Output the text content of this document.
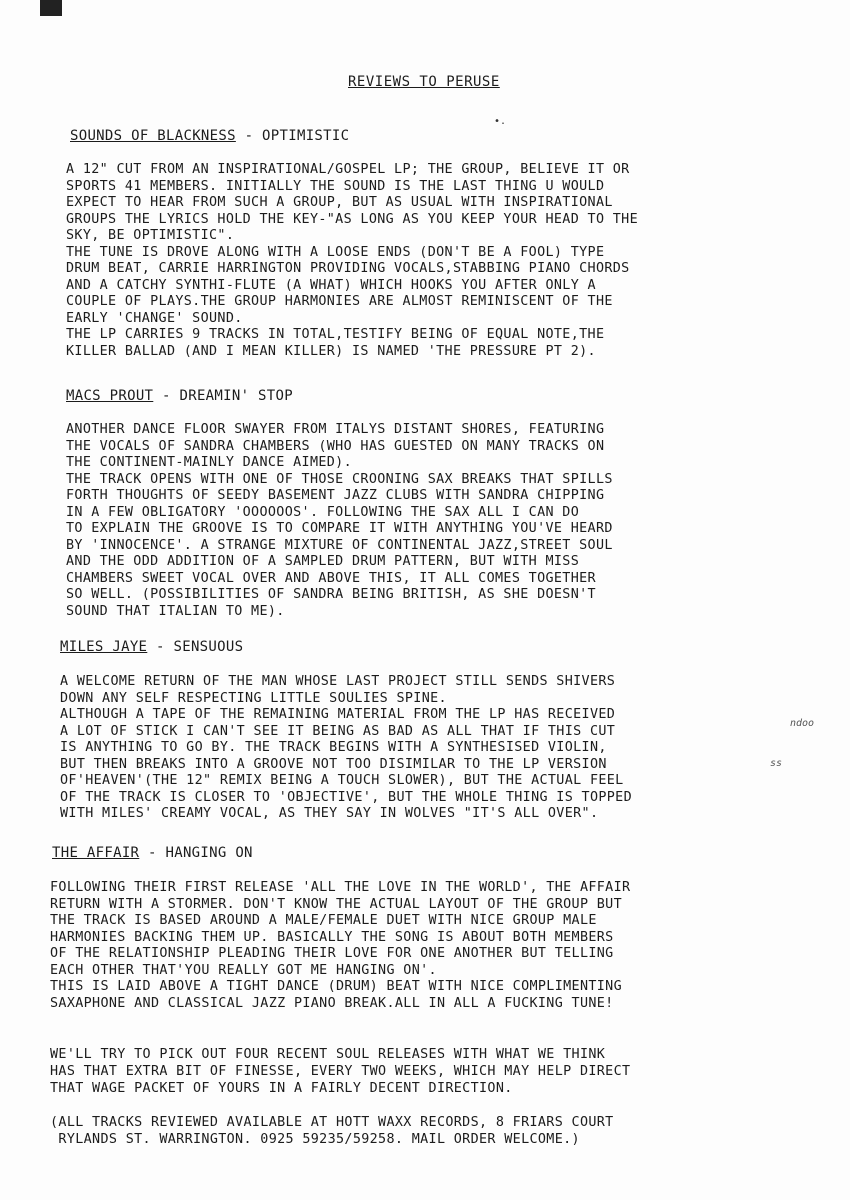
REVIEWS TO PERUSE
•.
SOUNDS OF BLACKNESS - OPTIMISTIC
A 12" CUT FROM AN INSPIRATIONAL/GOSPEL LP; THE GROUP, BELIEVE IT OR
SPORTS 41 MEMBERS. INITIALLY THE SOUND IS THE LAST THING U WOULD
EXPECT TO HEAR FROM SUCH A GROUP, BUT AS USUAL WITH INSPIRATIONAL
GROUPS THE LYRICS HOLD THE KEY-"AS LONG AS YOU KEEP YOUR HEAD TO THE
SKY, BE OPTIMISTIC".
THE TUNE IS DROVE ALONG WITH A LOOSE ENDS (DON'T BE A FOOL) TYPE
DRUM BEAT, CARRIE HARRINGTON PROVIDING VOCALS,STABBING PIANO CHORDS
AND A CATCHY SYNTHI-FLUTE (A WHAT) WHICH HOOKS YOU AFTER ONLY A
COUPLE OF PLAYS.THE GROUP HARMONIES ARE ALMOST REMINISCENT OF THE
EARLY 'CHANGE' SOUND.
THE LP CARRIES 9 TRACKS IN TOTAL,TESTIFY BEING OF EQUAL NOTE,THE
KILLER BALLAD (AND I MEAN KILLER) IS NAMED 'THE PRESSURE PT 2).
MACS PROUT - DREAMIN' STOP
ANOTHER DANCE FLOOR SWAYER FROM ITALYS DISTANT SHORES, FEATURING
THE VOCALS OF SANDRA CHAMBERS (WHO HAS GUESTED ON MANY TRACKS ON
THE CONTINENT-MAINLY DANCE AIMED).
THE TRACK OPENS WITH ONE OF THOSE CROONING SAX BREAKS THAT SPILLS
FORTH THOUGHTS OF SEEDY BASEMENT JAZZ CLUBS WITH SANDRA CHIPPING
IN A FEW OBLIGATORY 'OOOOOOS'. FOLLOWING THE SAX ALL I CAN DO
TO EXPLAIN THE GROOVE IS TO COMPARE IT WITH ANYTHING YOU'VE HEARD
BY 'INNOCENCE'. A STRANGE MIXTURE OF CONTINENTAL JAZZ,STREET SOUL
AND THE ODD ADDITION OF A SAMPLED DRUM PATTERN, BUT WITH MISS
CHAMBERS SWEET VOCAL OVER AND ABOVE THIS, IT ALL COMES TOGETHER
SO WELL. (POSSIBILITIES OF SANDRA BEING BRITISH, AS SHE DOESN'T
SOUND THAT ITALIAN TO ME).
MILES JAYE - SENSUOUS
A WELCOME RETURN OF THE MAN WHOSE LAST PROJECT STILL SENDS SHIVERS
DOWN ANY SELF RESPECTING LITTLE SOULIES SPINE.
ALTHOUGH A TAPE OF THE REMAINING MATERIAL FROM THE LP HAS RECEIVED
A LOT OF STICK I CAN'T SEE IT BEING AS BAD AS ALL THAT IF THIS CUT
IS ANYTHING TO GO BY. THE TRACK BEGINS WITH A SYNTHESISED VIOLIN,
BUT THEN BREAKS INTO A GROOVE NOT TOO DISIMILAR TO THE LP VERSION
OF'HEAVEN'(THE 12" REMIX BEING A TOUCH SLOWER), BUT THE ACTUAL FEEL
OF THE TRACK IS CLOSER TO 'OBJECTIVE', BUT THE WHOLE THING IS TOPPED
WITH MILES' CREAMY VOCAL, AS THEY SAY IN WOLVES "IT'S ALL OVER".
ndoo
ss
THE AFFAIR - HANGING ON
FOLLOWING THEIR FIRST RELEASE 'ALL THE LOVE IN THE WORLD', THE AFFAIR
RETURN WITH A STORMER. DON'T KNOW THE ACTUAL LAYOUT OF THE GROUP BUT
THE TRACK IS BASED AROUND A MALE/FEMALE DUET WITH NICE GROUP MALE
HARMONIES BACKING THEM UP. BASICALLY THE SONG IS ABOUT BOTH MEMBERS
OF THE RELATIONSHIP PLEADING THEIR LOVE FOR ONE ANOTHER BUT TELLING
EACH OTHER THAT'YOU REALLY GOT ME HANGING ON'.
THIS IS LAID ABOVE A TIGHT DANCE (DRUM) BEAT WITH NICE COMPLIMENTING
SAXAPHONE AND CLASSICAL JAZZ PIANO BREAK.ALL IN ALL A FUCKING TUNE!
WE'LL TRY TO PICK OUT FOUR RECENT SOUL RELEASES WITH WHAT WE THINK
HAS THAT EXTRA BIT OF FINESSE, EVERY TWO WEEKS, WHICH MAY HELP DIRECT
THAT WAGE PACKET OF YOURS IN A FAIRLY DECENT DIRECTION.
(ALL TRACKS REVIEWED AVAILABLE AT HOTT WAXX RECORDS, 8 FRIARS COURT
RYLANDS ST. WARRINGTON. 0925 59235/59258. MAIL ORDER WELCOME.)
